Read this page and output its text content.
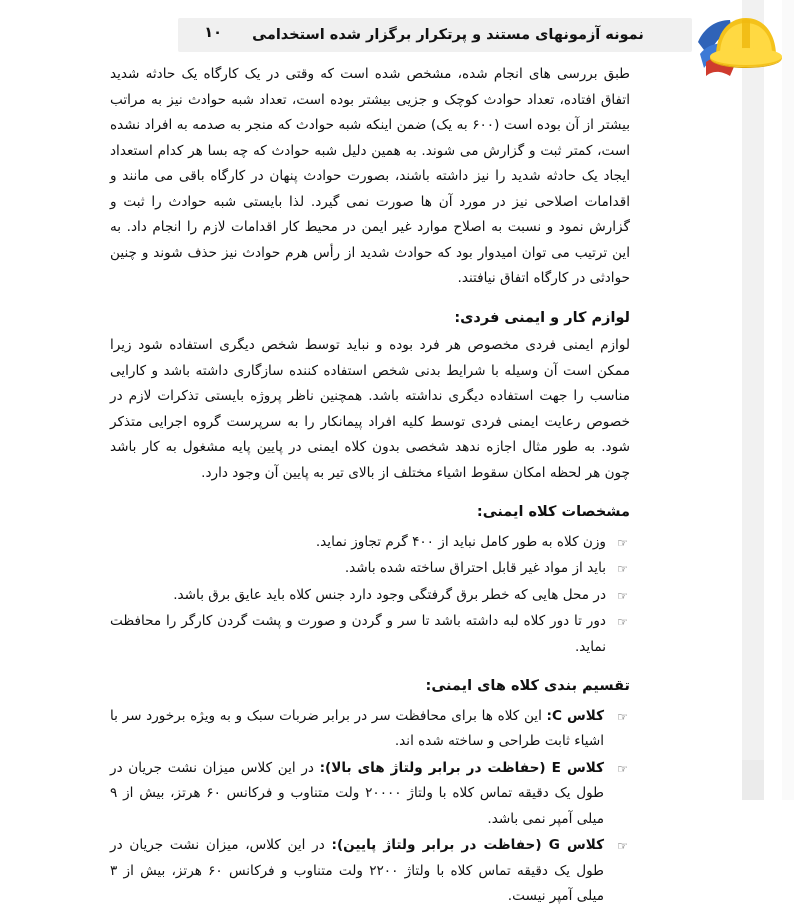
نمونه آزمونهای مستند و پرتکرار برگزار شده استخدامی
۱۰

طبق بررسی های انجام شده، مشخص شده است که وقتی در یک کارگاه یک حادثه شدید اتفاق افتاده، تعداد حوادث کوچک و جزیی بیشتر بوده است، تعداد شبه حوادث نیز به مراتب بیشتر از آن بوده است (۶۰۰ به یک) ضمن اینکه شبه حوادث که منجر به صدمه به افراد نشده است، کمتر ثبت و گزارش می شوند. به همین دلیل شبه حوادث که چه بسا هر کدام استعداد ایجاد یک حادثه شدید را نیز داشته باشند، بصورت حوادث پنهان در کارگاه باقی می مانند و اقدامات اصلاحی نیز در مورد آن ها صورت نمی گیرد. لذا بایستی شبه حوادث را ثبت و گزارش نمود و نسبت به اصلاح موارد غیر ایمن در محیط کار اقدامات لازم را انجام داد. به این ترتیب می توان امیدوار بود که حوادث شدید از رأس هرم حوادث نیز حذف شوند و چنین حوادثی در کارگاه اتفاق نیافتند.

لوازم کار و ایمنی فردی:

لوازم ایمنی فردی مخصوص هر فرد بوده و نباید توسط شخص دیگری استفاده شود زیرا ممکن است آن وسیله با شرایط بدنی شخص استفاده کننده سازگاری داشته باشد و کارایی مناسب را جهت استفاده دیگری نداشته باشد. همچنین ناظر پروژه بایستی تذکرات لازم در خصوص رعایت ایمنی فردی توسط کلیه افراد پیمانکار را به سرپرست گروه اجرایی متذکر شود. به طور مثال اجازه ندهد شخصی بدون کلاه ایمنی در پایین پایه مشغول به کار باشد چون هر لحظه امکان سقوط اشیاء مختلف از بالای تیر به پایین آن وجود دارد.

مشخصات کلاه ایمنی:
☞
وزن کلاه به طور کامل نباید از ۴۰۰ گرم تجاوز نماید.
☞
باید از مواد غیر قابل احتراق ساخته شده باشد.
☞
در محل هایی که خطر برق گرفتگی وجود دارد جنس کلاه باید عایق برق باشد.
☞
دور تا دور کلاه لبه داشته باشد تا سر و گردن و صورت و پشت گردن کارگر را محافظت نماید.
تقسیم بندی کلاه های ایمنی:
☞
کلاس C: این کلاه ها برای محافظت سر در برابر ضربات سبک و به ویژه برخورد سر با اشیاء ثابت طراحی و ساخته شده اند.
☞
کلاس E (حفاظت در برابر ولتاژ های بالا): در این کلاس میزان نشت جریان در طول یک دقیقه تماس کلاه با ولتاژ ۲۰۰۰۰ ولت متناوب و فرکانس ۶۰ هرتز، بیش از ۹ میلی آمپر نمی باشد.
☞
کلاس G (حفاظت در برابر ولتاژ پایین): در این کلاس، میزان نشت جریان در طول یک دقیقه تماس کلاه با ولتاژ ۲۲۰۰ ولت متناوب و فرکانس ۶۰ هرتز، بیش از ۳ میلی آمپر نیست.
